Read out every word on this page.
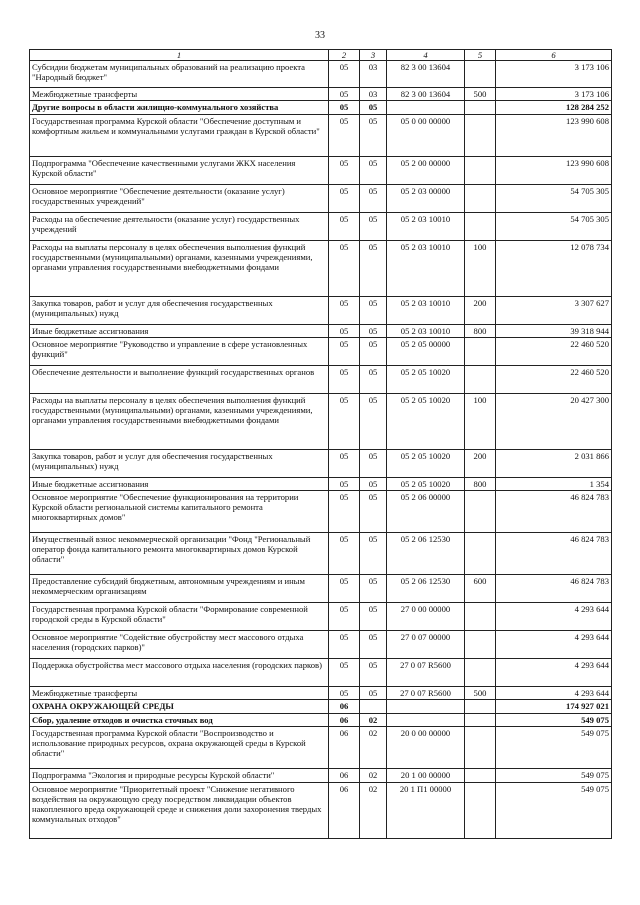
33
1	2	3	4	5	6
Субсидии бюджетам муниципальных образований на реализацию проекта "Народный бюджет"	05	03	82 3 00 13604		3 173 106
Межбюджетные трансферты	05	03	82 3 00 13604	500	3 173 106
Другие вопросы в области жилищно-коммунального хозяйства	05	05			128 284 252
Государственная программа Курской области "Обеспечение доступным и комфортным жильем и коммунальными услугами граждан в Курской области"	05	05	05 0 00 00000		123 990 608
Подпрограмма "Обеспечение качественными услугами ЖКХ населения Курской области"	05	05	05 2 00 00000		123 990 608
Основное мероприятие "Обеспечение деятельности (оказание услуг) государственных учреждений"	05	05	05 2 03 00000		54 705 305
Расходы на обеспечение деятельности (оказание услуг) государственных учреждений	05	05	05 2 03 10010		54 705 305
Расходы на выплаты персоналу в целях обеспечения выполнения функций государственными (муниципальными) органами, казенными учреждениями, органами управления государственными внебюджетными фондами	05	05	05 2 03 10010	100	12 078 734
Закупка товаров, работ и услуг для обеспечения государственных (муниципальных) нужд	05	05	05 2 03 10010	200	3 307 627
Иные бюджетные ассигнования	05	05	05 2 03 10010	800	39 318 944
Основное мероприятие "Руководство и управление в сфере установленных функций"	05	05	05 2 05 00000		22 460 520
Обеспечение деятельности и выполнение функций государственных органов	05	05	05 2 05 10020		22 460 520
Расходы на выплаты персоналу в целях обеспечения выполнения функций государственными (муниципальными) органами, казенными учреждениями, органами управления государственными внебюджетными фондами	05	05	05 2 05 10020	100	20 427 300
Закупка товаров, работ и услуг для обеспечения государственных (муниципальных) нужд	05	05	05 2 05 10020	200	2 031 866
Иные бюджетные ассигнования	05	05	05 2 05 10020	800	1 354
Основное мероприятие "Обеспечение функционирования на территории Курской области региональной системы капитального ремонта многоквартирных домов"	05	05	05 2 06 00000		46 824 783
Имущественный взнос некоммерческой организации "Фонд "Региональный оператор фонда капитального ремонта многоквартирных домов Курской области"	05	05	05 2 06 12530		46 824 783
Предоставление субсидий бюджетным, автономным учреждениям и иным некоммерческим организациям	05	05	05 2 06 12530	600	46 824 783
Государственная программа Курской области "Формирование современной городской среды в Курской области"	05	05	27 0 00 00000		4 293 644
Основное мероприятие "Содействие обустройству мест массового отдыха населения (городских парков)"	05	05	27 0 07 00000		4 293 644
Поддержка обустройства мест массового отдыха населения (городских парков)	05	05	27 0 07 R5600		4 293 644
Межбюджетные трансферты	05	05	27 0 07 R5600	500	4 293 644
ОХРАНА ОКРУЖАЮЩЕЙ СРЕДЫ	06				174 927 021
Сбор, удаление отходов и очистка сточных вод	06	02			549 075
Государственная программа Курской области "Воспроизводство и использование природных ресурсов, охрана окружающей среды в Курской области"	06	02	20 0 00 00000		549 075
Подпрограмма "Экология и природные ресурсы Курской области"	06	02	20 1 00 00000		549 075
Основное мероприятие "Приоритетный проект "Снижение негативного воздействия на окружающую среду посредством ликвидации объектов накопленного вреда окружающей среде и снижения доли захоронения твердых коммунальных отходов"	06	02	20 1 П1 00000		549 075
